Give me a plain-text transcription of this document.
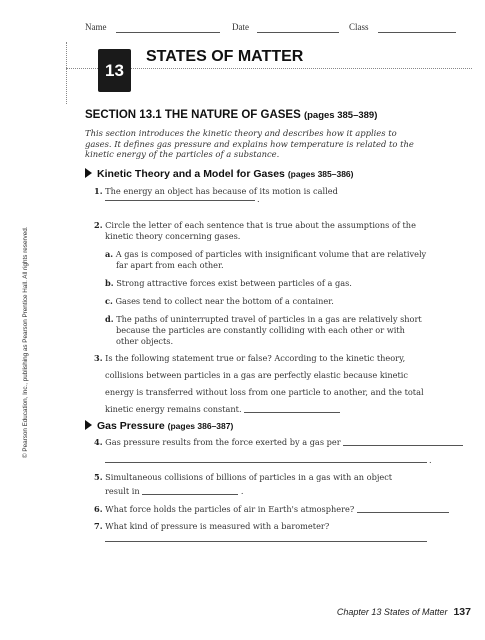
Name	Date	Class
13
STATES OF MATTER
SECTION 13.1 THE NATURE OF GASES (pages 385–389)
This section introduces the kinetic theory and describes how it applies to gases. It defines gas pressure and explains how temperature is related to the kinetic energy of the particles of a substance.
Kinetic Theory and a Model for Gases (pages 385–386)
1. The energy an object has because of its motion is called
.
2. Circle the letter of each sentence that is true about the assumptions of the
kinetic theory concerning gases.
a. A gas is composed of particles with insignificant volume that are relatively
far apart from each other.
b. Strong attractive forces exist between particles of a gas.
c. Gases tend to collect near the bottom of a container.
d. The paths of uninterrupted travel of particles in a gas are relatively short
because the particles are constantly colliding with each other or with
other objects.
3. Is the following statement true or false? According to the kinetic theory,
collisions between particles in a gas are perfectly elastic because kinetic
energy is transferred without loss from one particle to another, and the total
kinetic energy remains constant.
Gas Pressure (pages 386–387)
4. Gas pressure results from the force exerted by a gas per
.
5. Simultaneous collisions of billions of particles in a gas with an object
result in	.
6. What force holds the particles of air in Earth's atmosphere?
7. What kind of pressure is measured with a barometer?
© Pearson Education, Inc., publishing as Pearson Prentice Hall. All rights reserved.
Chapter 13 States of Matter 137
